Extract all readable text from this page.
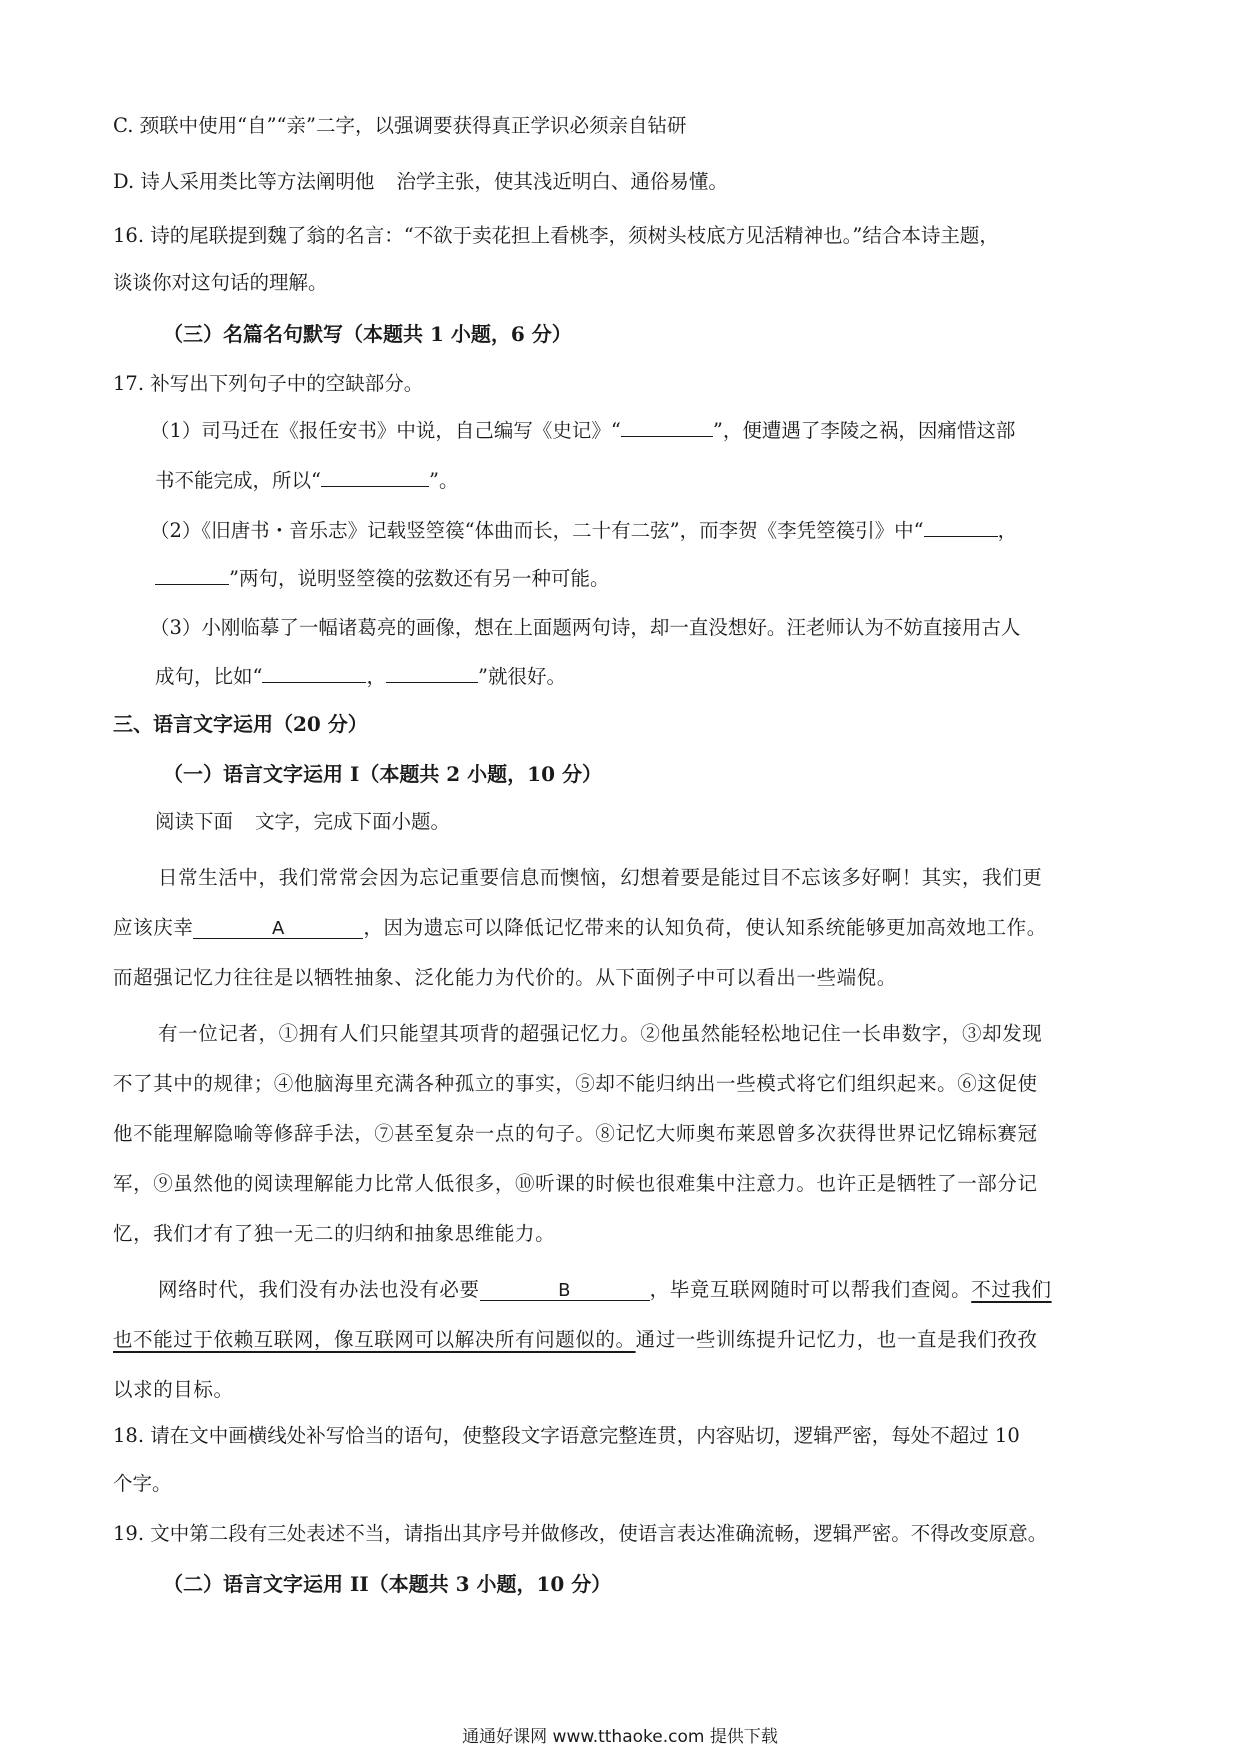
C. 颈联中使用“自”“亲”二字，以强调要获得真正学识必须亲自钻研
D. 诗人采用类比等方法阐明他 治学主张，使其浅近明白、通俗易懂。
16. 诗的尾联提到魏了翁的名言：“不欲于卖花担上看桃李，须树头枝底方见活精神也。”结合本诗主题，
谈谈你对这句话的理解。
（三）名篇名句默写（本题共 1 小题，6 分）
17. 补写出下列句子中的空缺部分。
（1）司马迁在《报任安书》中说，自己编写《史记》“	”，便遭遇了李陵之祸，因痛惜这部
书不能完成，所以“	”。
（2）《旧唐书・音乐志》记载竖箜篌“体曲而长，二十有二弦”，而李贺《李凭箜篌引》中“	，
”两句，说明竖箜篌的弦数还有另一种可能。
（3）小刚临摹了一幅诸葛亮的画像，想在上面题两句诗，却一直没想好。汪老师认为不妨直接用古人
成句，比如“	，	”就很好。
三、语言文字运用（20 分）
（一）语言文字运用 I（本题共 2 小题，10 分）
阅读下面 文字，完成下面小题。
日常生活中，我们常常会因为忘记重要信息而懊恼，幻想着要是能过目不忘该多好啊！其实，我们更
应该庆幸	A	，因为遗忘可以降低记忆带来的认知负荷，使认知系统能够更加高效地工作。
而超强记忆力往往是以牺牲抽象、泛化能力为代价的。从下面例子中可以看出一些端倪。
有一位记者，①拥有人们只能望其项背的超强记忆力。②他虽然能轻松地记住一长串数字，③却发现
不了其中的规律；④他脑海里充满各种孤立的事实，⑤却不能归纳出一些模式将它们组织起来。⑥这促使
他不能理解隐喻等修辞手法，⑦甚至复杂一点的句子。⑧记忆大师奥布莱恩曾多次获得世界记忆锦标赛冠
军，⑨虽然他的阅读理解能力比常人低很多，⑩听课的时候也很难集中注意力。也许正是牺牲了一部分记
忆，我们才有了独一无二的归纳和抽象思维能力。
网络时代，我们没有办法也没有必要	B	，毕竟互联网随时可以帮我们查阅。不过我们
也不能过于依赖互联网，像互联网可以解决所有问题似的。通过一些训练提升记忆力，也一直是我们孜孜
以求的目标。
18. 请在文中画横线处补写恰当的语句，使整段文字语意完整连贯，内容贴切，逻辑严密，每处不超过 10
个字。
19. 文中第二段有三处表述不当，请指出其序号并做修改，使语言表达准确流畅，逻辑严密。不得改变原意。
（二）语言文字运用 II（本题共 3 小题，10 分）
通通好课网 www.tthaoke.com 提供下载
